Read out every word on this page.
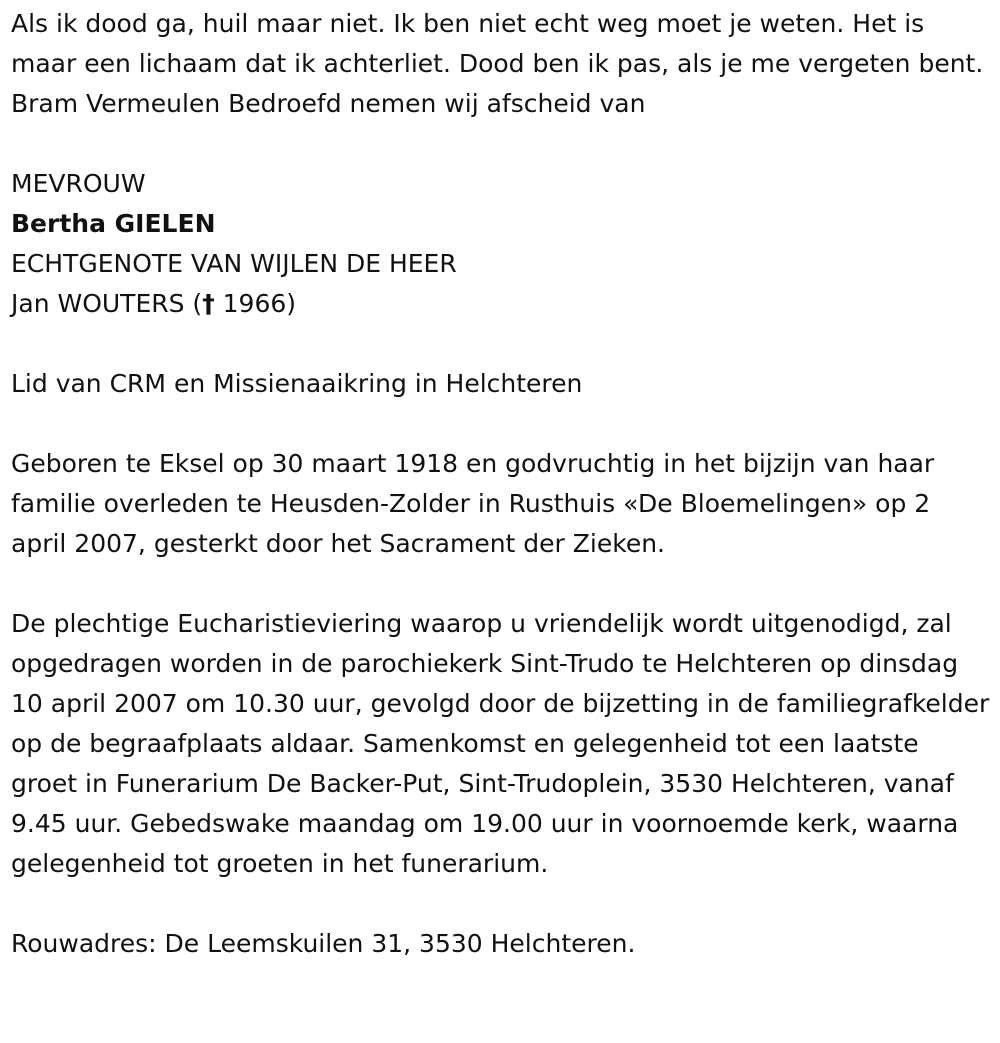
Als ik dood ga, huil maar niet. Ik ben niet echt weg moet je weten. Het is maar een lichaam dat ik achterliet. Dood ben ik pas, als je me vergeten bent. Bram Vermeulen Bedroefd nemen wij afscheid van

MEVROUW

Bertha GIELEN

ECHTGENOTE VAN WIJLEN DE HEER

Jan WOUTERS († 1966)

Lid van CRM en Missienaaikring in Helchteren

Geboren te Eksel op 30 maart 1918 en godvruchtig in het bijzijn van haar familie overleden te Heusden-Zolder in Rusthuis «De Bloemelingen» op 2 april 2007, gesterkt door het Sacrament der Zieken.

De plechtige Eucharistieviering waarop u vriendelijk wordt uitgenodigd, zal opgedragen worden in de parochiekerk Sint-Trudo te Helchteren op dinsdag 10 april 2007 om 10.30 uur, gevolgd door de bijzetting in de familiegrafkelder op de begraafplaats aldaar. Samenkomst en gelegenheid tot een laatste groet in Funerarium De Backer-Put, Sint-Trudoplein, 3530 Helchteren, vanaf 9.45 uur. Gebedswake maandag om 19.00 uur in voornoemde kerk, waarna gelegenheid tot groeten in het funerarium.

Rouwadres: De Leemskuilen 31, 3530 Helchteren.
